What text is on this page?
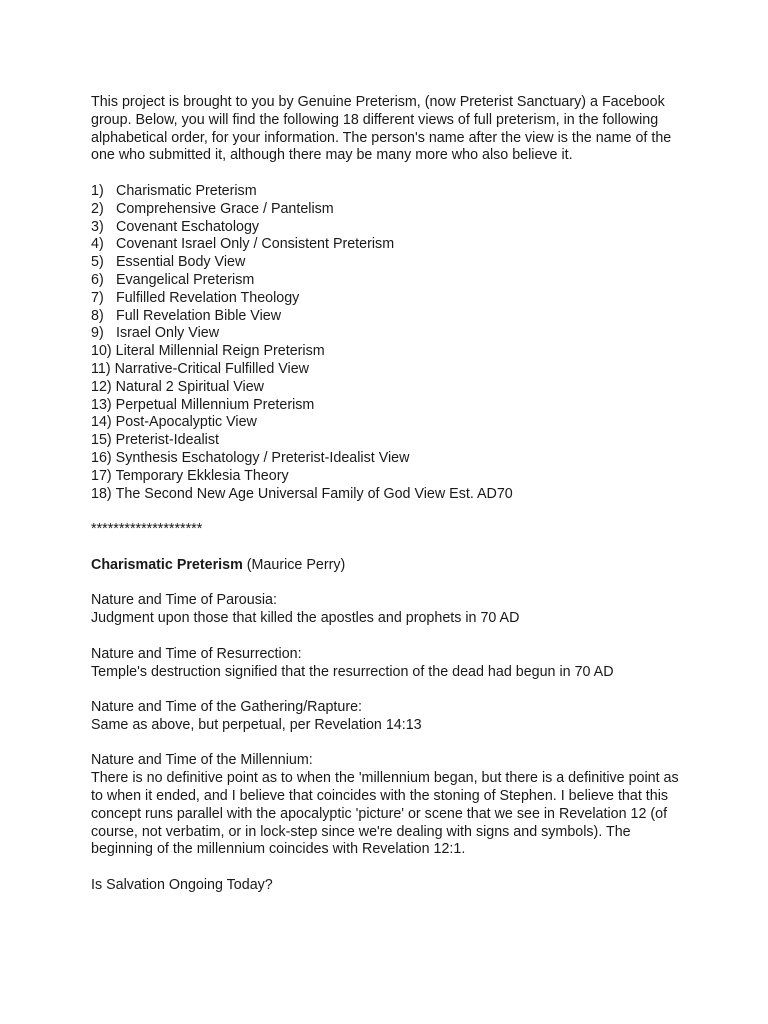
This project is brought to you by Genuine Preterism, (now Preterist Sanctuary) a Facebook group. Below, you will find the following 18 different views of full preterism, in the following alphabetical order, for your information. The person's name after the view is the name of the one who submitted it, although there may be many more who also believe it.

1) Charismatic Preterism
2) Comprehensive Grace / Pantelism
3) Covenant Eschatology
4) Covenant Israel Only / Consistent Preterism
5) Essential Body View
6) Evangelical Preterism
7) Fulfilled Revelation Theology
8) Full Revelation Bible View
9) Israel Only View
10) Literal Millennial Reign Preterism
11) Narrative-Critical Fulfilled View
12) Natural 2 Spiritual View
13) Perpetual Millennium Preterism
14) Post-Apocalyptic View
15) Preterist-Idealist
16) Synthesis Eschatology / Preterist-Idealist View
17) Temporary Ekklesia Theory
18) The Second New Age Universal Family of God View Est. AD70

********************

Charismatic Preterism (Maurice Perry)

Nature and Time of Parousia:

Judgment upon those that killed the apostles and prophets in 70 AD

Nature and Time of Resurrection:

Temple's destruction signified that the resurrection of the dead had begun in 70 AD

Nature and Time of the Gathering/Rapture:

Same as above, but perpetual, per Revelation 14:13

Nature and Time of the Millennium:

There is no definitive point as to when the 'millennium began, but there is a definitive point as to when it ended, and I believe that coincides with the stoning of Stephen. I believe that this concept runs parallel with the apocalyptic 'picture' or scene that we see in Revelation 12 (of course, not verbatim, or in lock-step since we're dealing with signs and symbols). The beginning of the millennium coincides with Revelation 12:1.

Is Salvation Ongoing Today?
